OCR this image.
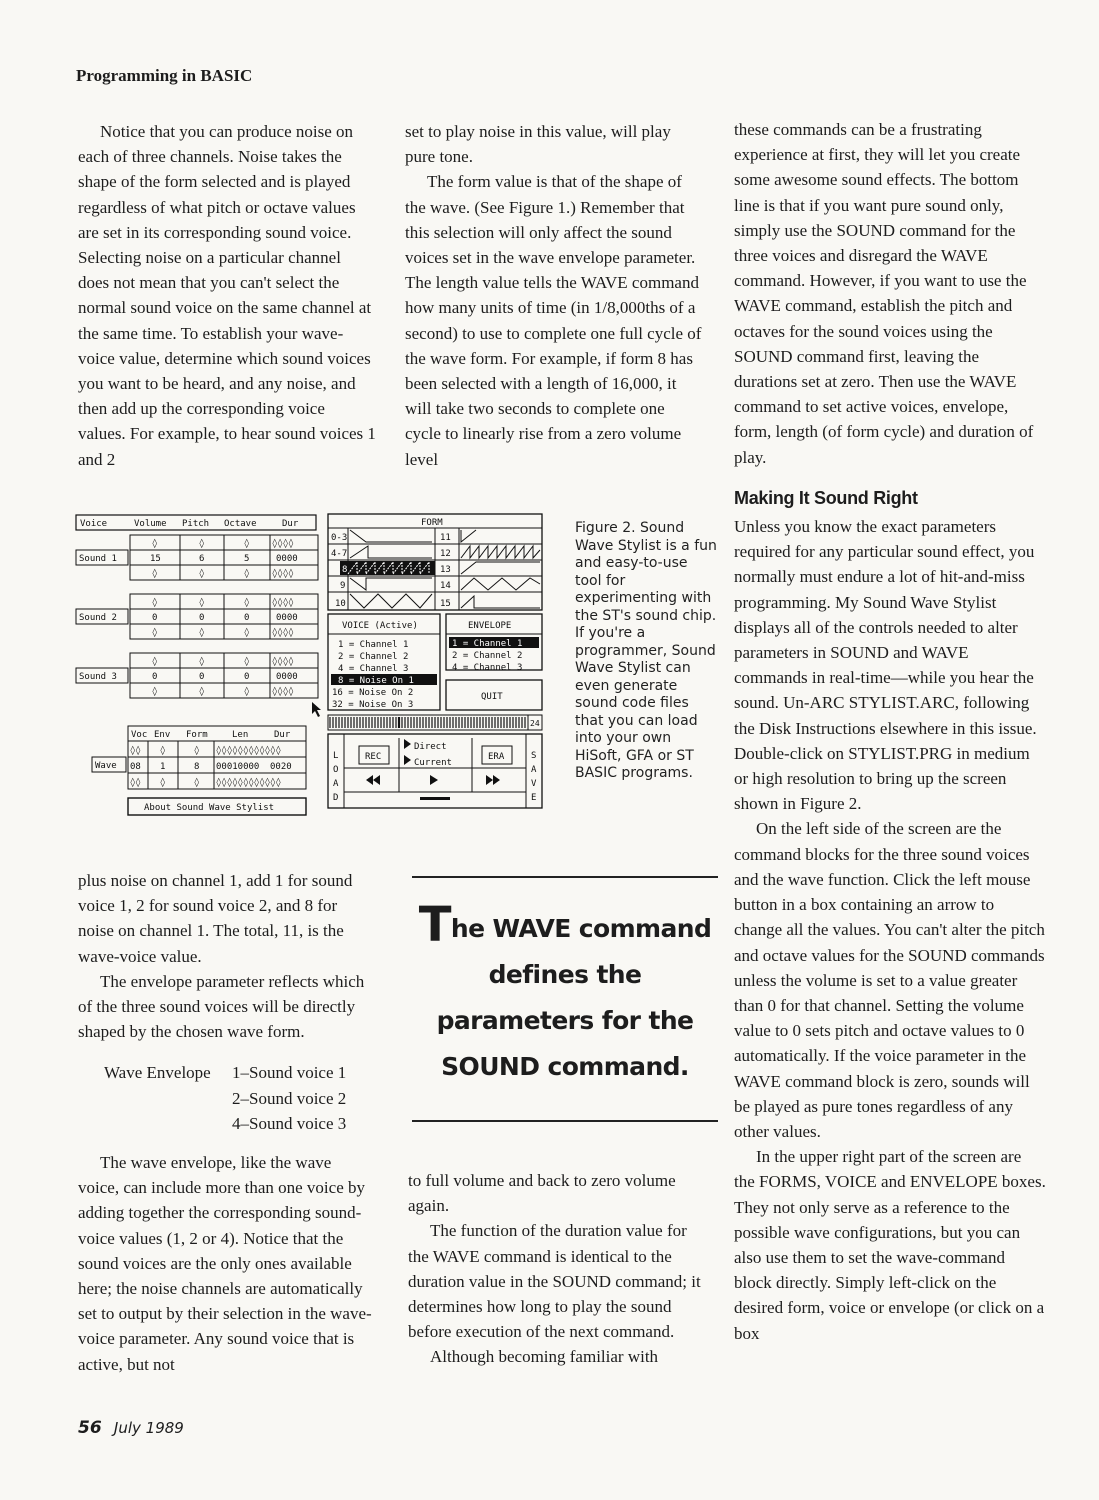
Programming in BASIC

Notice that you can produce noise on each of three channels. Noise takes the shape of the form selected and is played regardless of what pitch or octave values are set in its corresponding sound voice. Selecting noise on a particular channel does not mean that you can't select the normal sound voice on the same channel at the same time. To establish your wave-voice value, determine which sound voices you want to be heard, and any noise, and then add up the corresponding voice values. For example, to hear sound voices 1 and 2

set to play noise in this value, will play pure tone.

The form value is that of the shape of the wave. (See Figure 1.) Remember that this selection will only affect the sound voices set in the wave envelope parameter. The length value tells the WAVE command how many units of time (in 1/8,000ths of a second) to use to complete one full cycle of the wave form. For example, if form 8 has been selected with a length of 16,000, it will take two seconds to complete one cycle to linearly rise from a zero volume level

these commands can be a frustrating experience at first, they will let you create some awesome sound effects. The bottom line is that if you want pure sound only, simply use the SOUND command for the three voices and disregard the WAVE command. However, if you want to use the WAVE command, establish the pitch and octaves for the sound voices using the SOUND command first, leaving the durations set at zero. Then use the WAVE command to set active voices, envelope, form, length (of form cycle) and duration of play.

Making It Sound Right

Unless you know the exact parameters required for any particular sound effect, you normally must endure a lot of hit-and-miss programming. My Sound Wave Stylist displays all of the controls needed to alter parameters in SOUND and WAVE commands in real-time—while you hear the sound. Un-ARC STYLIST.ARC, following the Disk Instructions elsewhere in this issue. Double-click on STYLIST.PRG in medium or high resolution to bring up the screen shown in Figure 2.

On the left side of the screen are the command blocks for the three sound voices and the wave function. Click the left mouse button in a box containing an arrow to change all the values. You can't alter the pitch and octave values for the SOUND commands unless the volume is set to a value greater than 0 for that channel. Setting the volume value to 0 sets pitch and octave values to 0 automatically. If the voice parameter in the WAVE command block is zero, sounds will be played as pure tones regardless of any other values.

In the upper right part of the screen are the FORMS, VOICE and ENVELOPE boxes. They not only serve as a reference to the possible wave configurations, but you can also use them to set the wave-command block directly. Simply left-click on the desired form, voice or envelope (or click on a box

Voice	Volume Pitch Octave	Dur
Sound 1
◊	◊	◊	◊◊◊◊
15	6	5	0000
◊	◊	◊	◊◊◊◊
Sound 2
◊	◊	◊	◊◊◊◊
0	0	0	0000
◊	◊	◊	◊◊◊◊
Sound 3
◊	◊	◊	◊◊◊◊
0	0	0	0000
◊	◊	◊	◊◊◊◊
Voc Env Form	Len	Dur
Wave
◊◊ ◊	◊ ◊◊◊◊◊◊◊◊◊◊◊◊
08 1	8 00010000 0020
◊◊ ◊	◊ ◊◊◊◊◊◊◊◊◊◊◊◊
About Sound Wave Stylist
FORM
0-3
4-7
8
9
10
11
12
13
14
15
VOICE (Active)
1 = Channel 1
2 = Channel 2
4 = Channel 3
8 = Noise On 1
16 = Noise On 2
32 = Noise On 3
ENVELOPE
1 = Channel 1
2 = Channel 2
4 = Channel 3
QUIT
24
L
O
A
D
S
A
V
E
REC	ERA
Direct
Current
Figure 2. Sound Wave Stylist is a fun and easy-to-use tool for experimenting with the ST's sound chip. If you're a programmer, Sound Wave Stylist can even generate sound code files that you can load into your own HiSoft, GFA or ST BASIC programs.

plus noise on channel 1, add 1 for sound voice 1, 2 for sound voice 2, and 8 for noise on channel 1. The total, 11, is the wave-voice value.

The envelope parameter reflects which of the three sound voices will be directly shaped by the chosen wave form.

Wave Envelope	1–Sound voice 1
2–Sound voice 2
4–Sound voice 3

The wave envelope, like the wave voice, can include more than one voice by adding together the corresponding sound-voice values (1, 2 or 4). Notice that the sound voices are the only ones available here; the noise channels are automatically set to output by their selection in the wave-voice parameter. Any sound voice that is active, but not

The WAVE command
defines the
parameters for the
SOUND command.

to full volume and back to zero volume again.

The function of the duration value for the WAVE command is identical to the duration value in the SOUND command; it determines how long to play the sound before execution of the next command.

Although becoming familiar with

56 July 1989
